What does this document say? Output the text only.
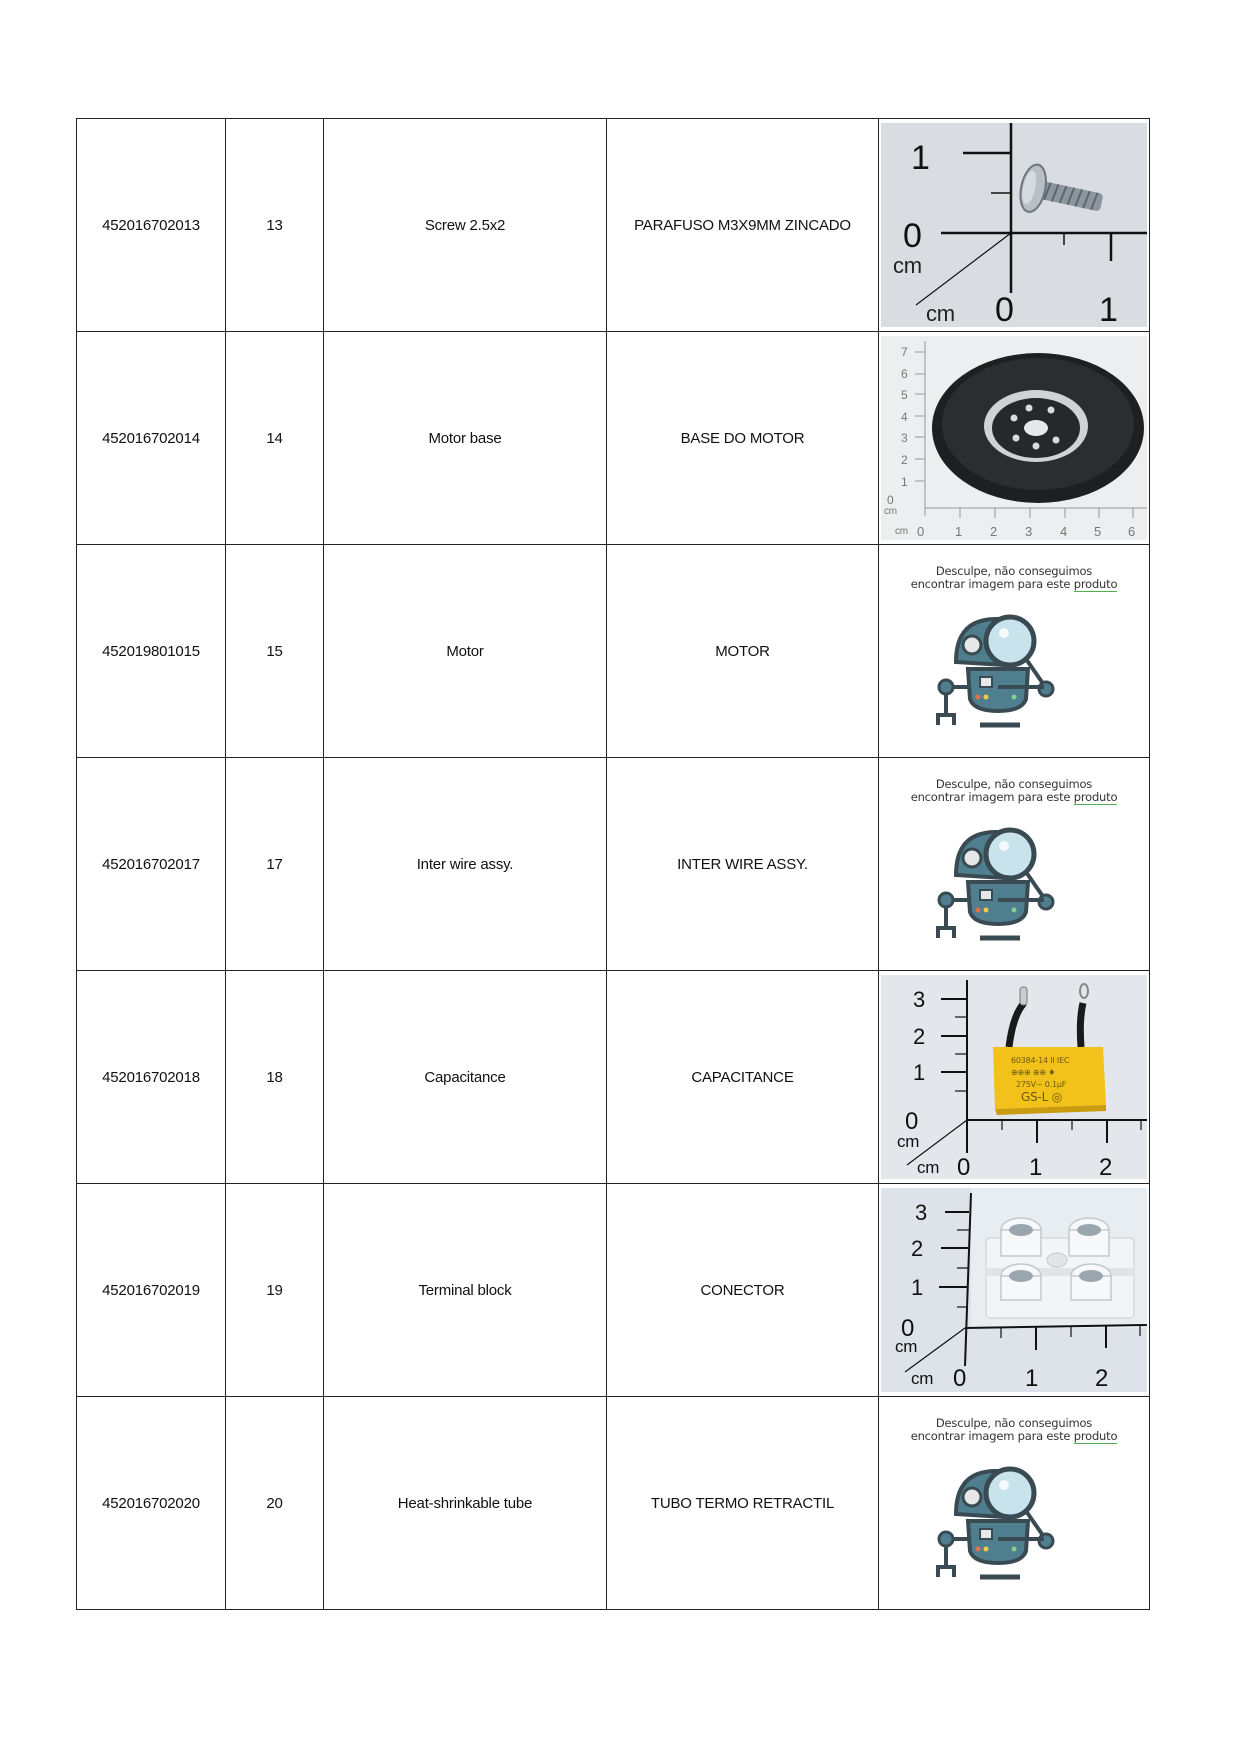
452016702013	13	Screw 2.5x2	PARAFUSO M3X9MM ZINCADO	
1
0
cm
cm 0	1

452016702014	14	Motor base	BASE DO MOTOR	
7
6
5
4
3
2
1
0
cm
cm 0 1 2 3 4 5 6

452019801015	15	Motor	MOTOR	Desculpe, não conseguimos
encontrar imagem para este produto

452016702017	17	Inter wire assy.	INTER WIRE ASSY.	Desculpe, não conseguimos
encontrar imagem para este produto

452016702018	18	Capacitance	CAPACITANCE	
3
2
1
0
cm
cm 0 1 2
60384-14 II IEC
⊕⊕⊕ ⊕⊕ ♦
275V~ 0.1µF
GS-L ◎

452016702019	19	Terminal block	CONECTOR	
3
2
1
0
cm
cm 0 1 2

452016702020	20	Heat-shrinkable tube	TUBO TERMO RETRACTIL	Desculpe, não conseguimos
encontrar imagem para este produto
